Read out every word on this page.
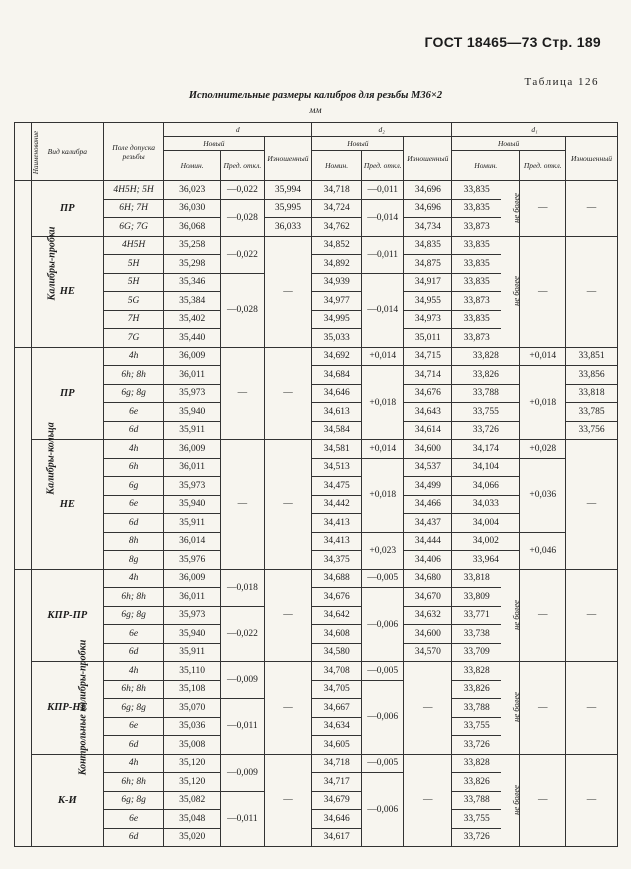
ГОСТ 18465—73 Стр. 189
Таблица 126
Исполнительные размеры калибров для резьбы M36×2
мм
Наименование	Вид калибра	Поле допуска резьбы	d			d₂			d₁			
			Новый		Изношенный	Новый		Изношенный	Новый			Изношенный
			Номин.	Пред. откл.		Номин.	Пред. откл.		Номин.		Пред. откл.	
Калибры-пробки	ПР	4H5H; 5H	36,023	—0,022	35,994	34,718	—0,011	34,696	33,835	не более	—	—
		6H; 7H	36,030	—0,028	35,995	34,724	—0,014	34,696	33,835			
		6G; 7G	36,068		36,033	34,762		34,734	33,873			
	НЕ	4H5H	35,258	—0,022	—	34,852	—0,011	34,835	33,835	не более	—	—
		5H	35,298			34,892		34,875	33,835			
		5H	35,346	—0,028		34,939	—0,014	34,917	33,835			
		5G	35,384			34,977		34,955	33,873			
		7H	35,402			34,995		34,973	33,835			
		7G	35,440			35,033		35,011	33,873			
Калибры-кольца	ПР	4h	36,009	—	—	34,692	+0,014	34,715	33,828		+0,014	33,851
		6h; 8h	36,011			34,684	+0,018	34,714	33,826		+0,018	33,856
		6g; 8g	35,973			34,646		34,676	33,788			33,818
		6e	35,940			34,613		34,643	33,755			33,785
		6d	35,911			34,584		34,614	33,726			33,756
	НЕ	4h	36,009	—	—	34,581	+0,014	34,600	34,174		+0,028	—
		6h	36,011			34,513	+0,018	34,537	34,104		+0,036	
		6g	35,973			34,475		34,499	34,066			
		6e	35,940			34,442		34,466	34,033			
		6d	35,911			34,413		34,437	34,004			
		8h	36,014			34,413	+0,023	34,444	34,002		+0,046	
		8g	35,976			34,375		34,406	33,964			
Контрольные калибры-пробки	КПР-ПР	4h	36,009	—0,018	—	34,688	—0,005	34,680	33,818	не более	—	—
		6h; 8h	36,011			34,676	—0,006	34,670	33,809			
		6g; 8g	35,973	—0,022		34,642		34,632	33,771			
		6e	35,940			34,608		34,600	33,738			
		6d	35,911			34,580		34,570	33,709			
	КПР-НЕ	4h	35,110	—0,009	—	34,708	—0,005	—	33,828	не более	—	—
		6h; 8h	35,108			34,705	—0,006		33,826			
		6g; 8g	35,070	—0,011		34,667			33,788			
		6e	35,036			34,634			33,755			
		6d	35,008			34,605			33,726			
	К-И	4h	35,120	—0,009	—	34,718	—0,005	—	33,828	не более	—	—
		6h; 8h	35,120			34,717	—0,006		33,826			
		6g; 8g	35,082	—0,011		34,679			33,788			
		6e	35,048			34,646			33,755			
		6d	35,020			34,617			33,726			
